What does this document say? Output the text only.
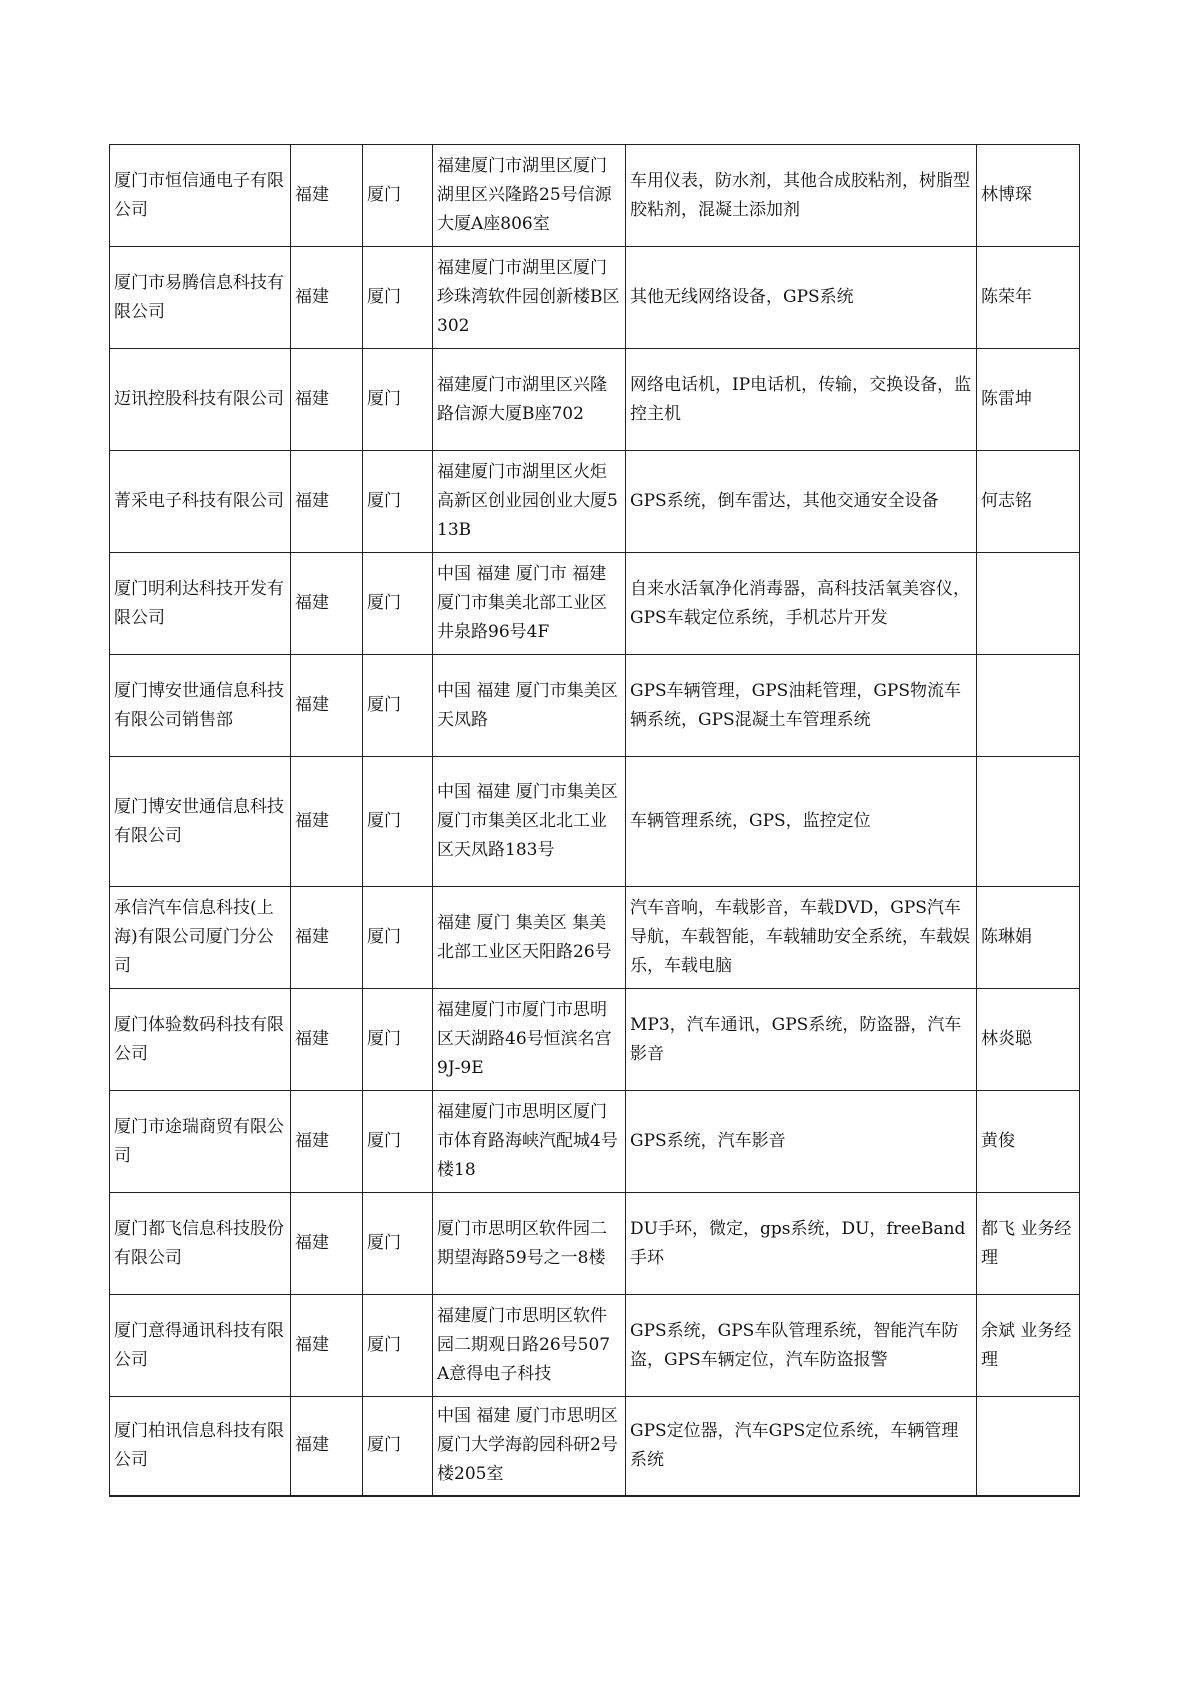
厦门市恒信通电子有限公司	福建	厦门	福建厦门市湖里区厦门湖里区兴隆路25号信源大厦A座806室	车用仪表，防水剂，其他合成胶粘剂，树脂型胶粘剂，混凝土添加剂	林博琛
厦门市易腾信息科技有限公司	福建	厦门	福建厦门市湖里区厦门珍珠湾软件园创新楼B区302	其他无线网络设备，GPS系统	陈荣年
迈讯控股科技有限公司	福建	厦门	福建厦门市湖里区兴隆路信源大厦B座702	网络电话机，IP电话机，传输，交换设备，监控主机	陈雷坤
菁采电子科技有限公司	福建	厦门	福建厦门市湖里区火炬高新区创业园创业大厦513B	GPS系统，倒车雷达，其他交通安全设备	何志铭
厦门明利达科技开发有限公司	福建	厦门	中国 福建 厦门市 福建厦门市集美北部工业区井泉路96号4F	自来水活氧净化消毒器，高科技活氧美容仪，GPS车载定位系统，手机芯片开发	
厦门博安世通信息科技有限公司销售部	福建	厦门	中国 福建 厦门市集美区 天凤路	GPS车辆管理，GPS油耗管理，GPS物流车辆系统，GPS混凝土车管理系统	
厦门博安世通信息科技有限公司	福建	厦门	中国 福建 厦门市集美区 厦门市集美区北北工业区天凤路183号	车辆管理系统，GPS，监控定位	
承信汽车信息科技(上海)有限公司厦门分公司	福建	厦门	福建 厦门 集美区 集美北部工业区天阳路26号	汽车音响，车载影音，车载DVD，GPS汽车导航，车载智能，车载辅助安全系统，车载娱乐，车载电脑	陈琳娟
厦门体验数码科技有限公司	福建	厦门	福建厦门市厦门市思明区天湖路46号恒滨名宫9J-9E	MP3，汽车通讯，GPS系统，防盗器，汽车影音	林炎聪
厦门市途瑞商贸有限公司	福建	厦门	福建厦门市思明区厦门市体育路海峡汽配城4号楼18	GPS系统，汽车影音	黄俊
厦门都飞信息科技股份有限公司	福建	厦门	厦门市思明区软件园二期望海路59号之一8楼	DU手环，微定，gps系统，DU，freeBand手环	都飞 业务经理
厦门意得通讯科技有限公司	福建	厦门	福建厦门市思明区软件园二期观日路26号507A意得电子科技	GPS系统，GPS车队管理系统，智能汽车防盗，GPS车辆定位，汽车防盗报警	余斌 业务经理
厦门柏讯信息科技有限公司	福建	厦门	中国 福建 厦门市思明区 厦门大学海韵园科研2号楼205室	GPS定位器，汽车GPS定位系统，车辆管理系统	
